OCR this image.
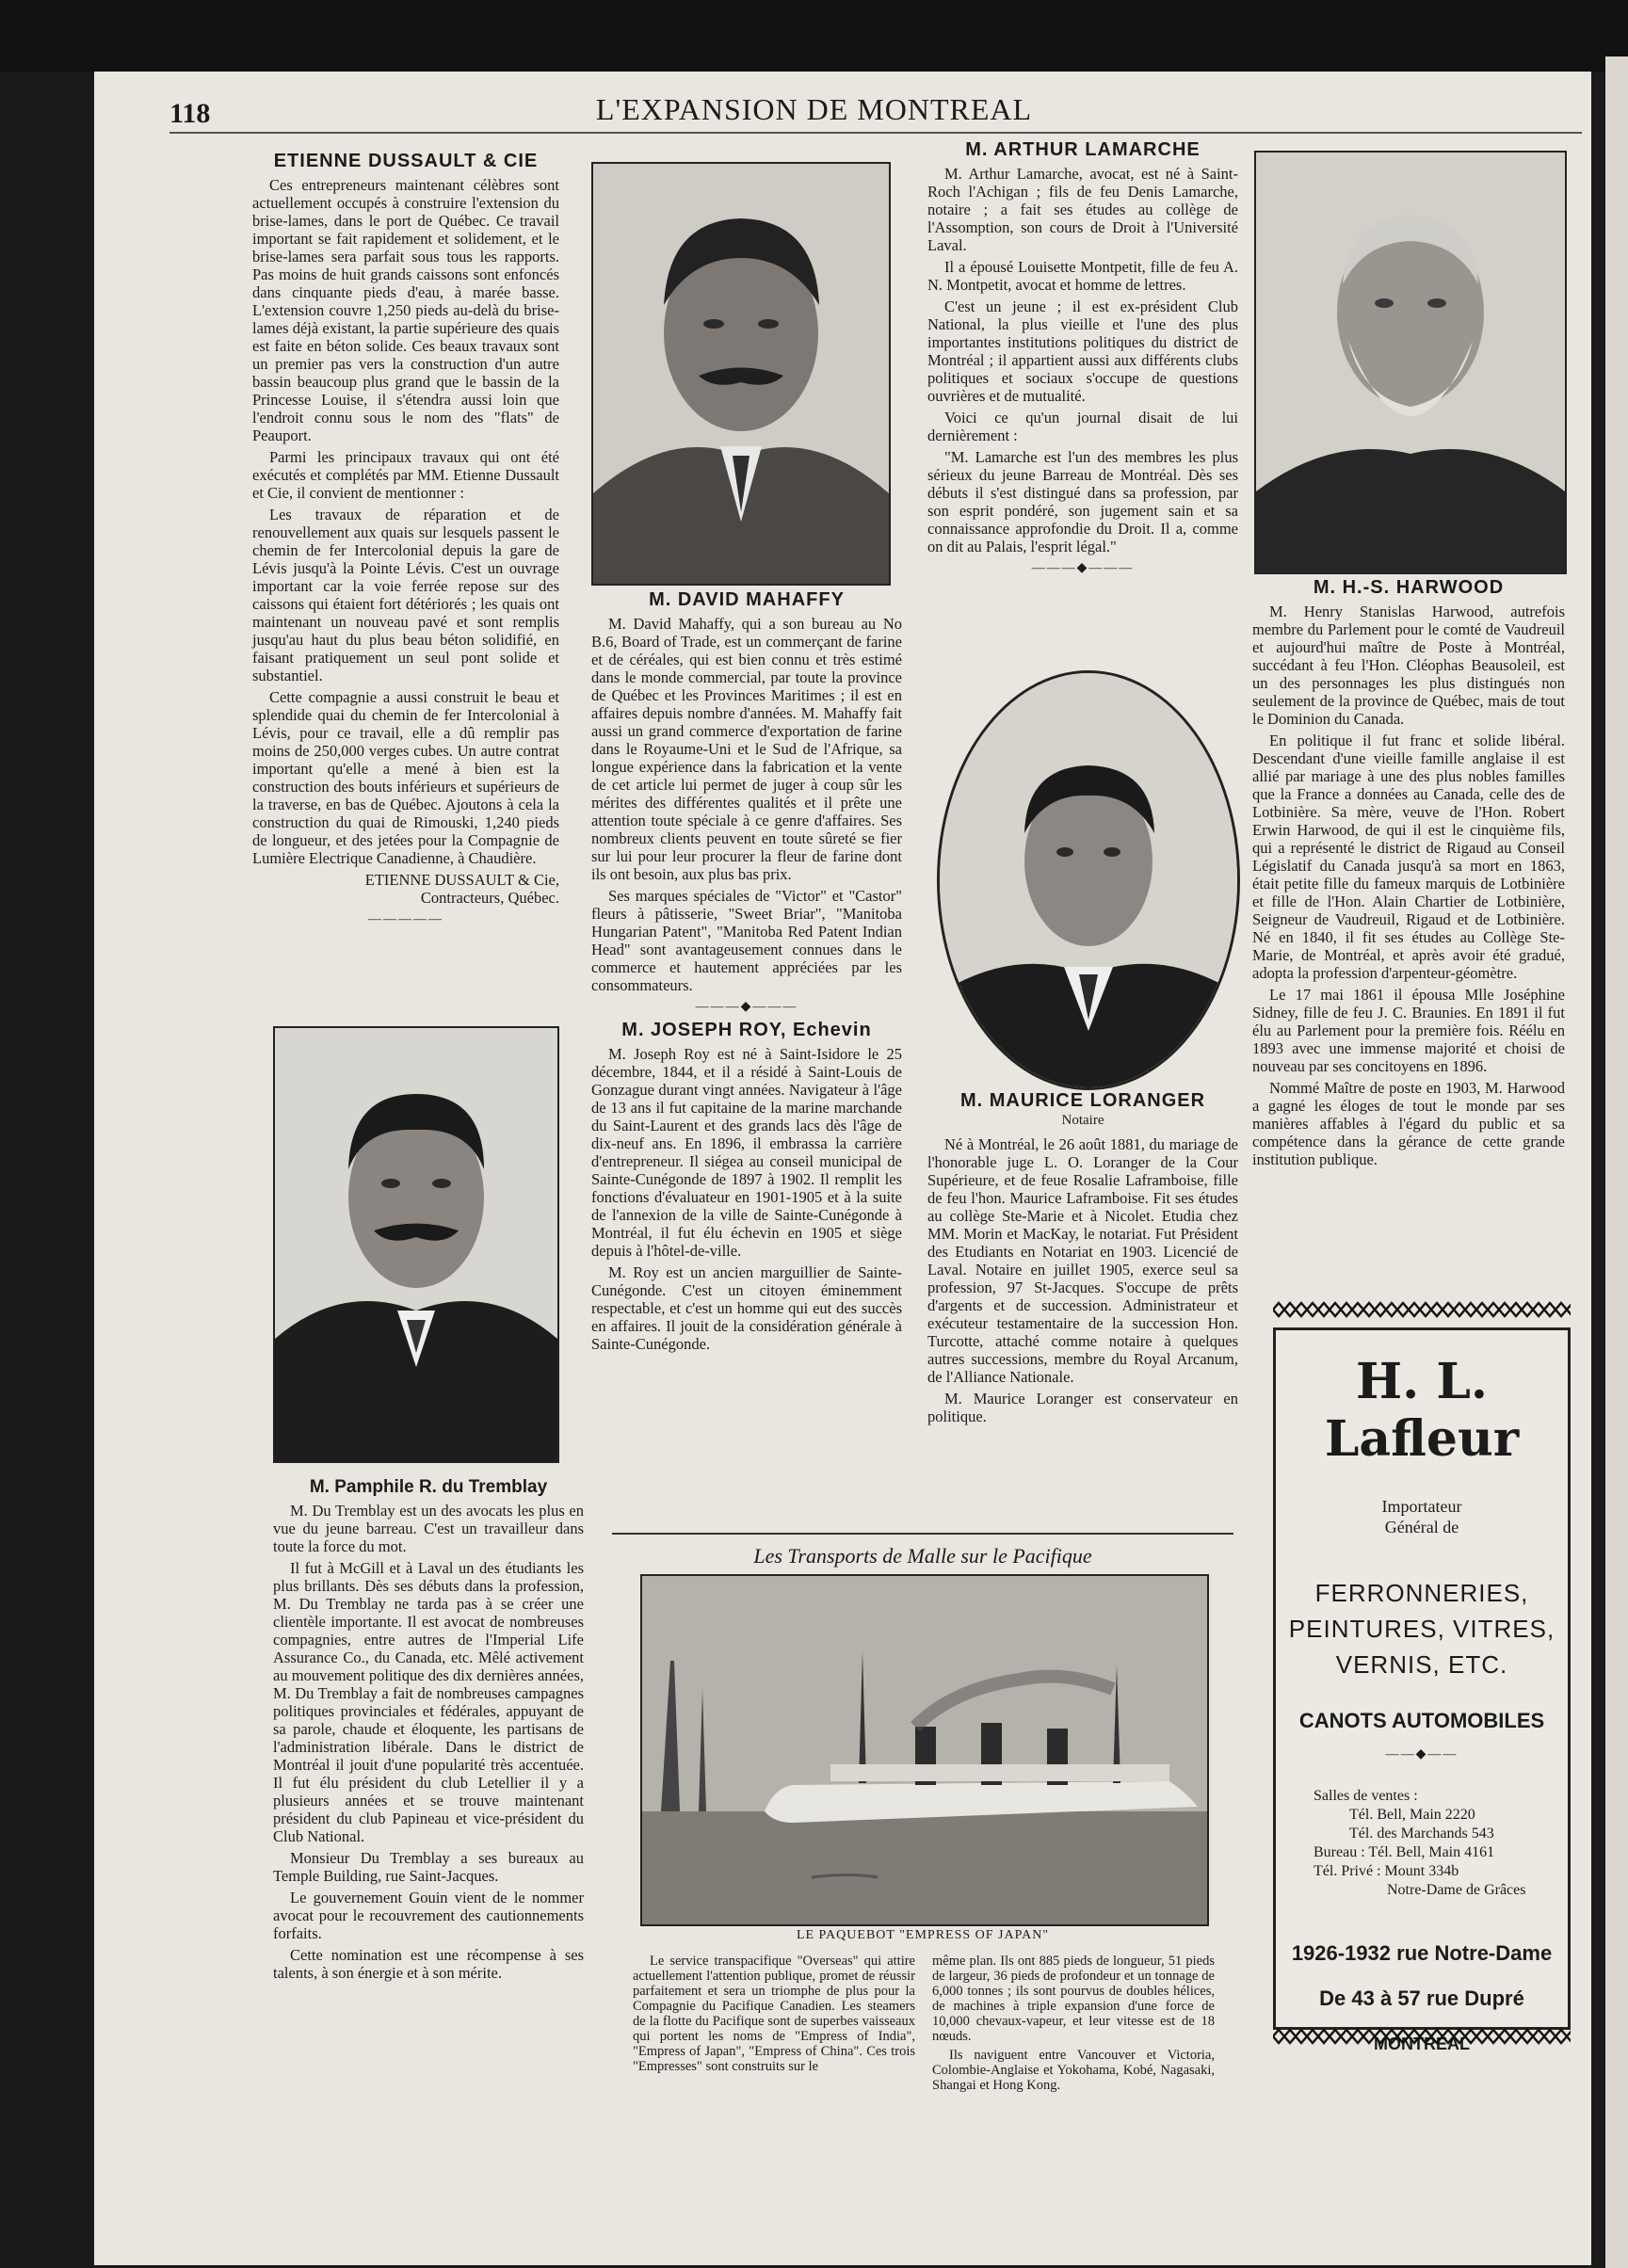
118	L'EXPANSION DE MONTREAL
ETIENNE DUSSAULT & CIE

Ces entrepreneurs maintenant célèbres sont actuellement occupés à construire l'extension du brise-lames, dans le port de Québec. Ce travail important se fait rapidement et solidement, et le brise-lames sera parfait sous tous les rapports. Pas moins de huit grands caissons sont enfoncés dans cinquante pieds d'eau, à marée basse. L'extension couvre 1,250 pieds au-delà du brise-lames déjà existant, la partie supérieure des quais est faite en béton solide. Ces beaux travaux sont un premier pas vers la construction d'un autre bassin beaucoup plus grand que le bassin de la Princesse Louise, il s'étendra aussi loin que l'endroit connu sous le nom des "flats" de Peauport.

Parmi les principaux travaux qui ont été exécutés et complétés par MM. Etienne Dussault et Cie, il convient de mentionner :

Les travaux de réparation et de renouvellement aux quais sur lesquels passent le chemin de fer Intercolonial depuis la gare de Lévis jusqu'à la Pointe Lévis. C'est un ouvrage important car la voie ferrée repose sur des caissons qui étaient fort détériorés ; les quais ont maintenant un nouveau pavé et sont remplis jusqu'au haut du plus beau béton solidifié, en faisant pratiquement un seul pont solide et substantiel.

Cette compagnie a aussi construit le beau et splendide quai du chemin de fer Intercolonial à Lévis, pour ce travail, elle a dû remplir pas moins de 250,000 verges cubes. Un autre contrat important qu'elle a mené à bien est la construction des bouts inférieurs et supérieurs de la traverse, en bas de Québec. Ajoutons à cela la construction du quai de Rimouski, 1,240 pieds de longueur, et des jetées pour la Compagnie de Lumière Electrique Canadienne, à Chaudière.

ETIENNE DUSSAULT & Cie,
Contracteurs, Québec.
—————
M. Pamphile R. du Tremblay

M. Du Tremblay est un des avocats les plus en vue du jeune barreau. C'est un travailleur dans toute la force du mot.

Il fut à McGill et à Laval un des étudiants les plus brillants. Dès ses débuts dans la profession, M. Du Tremblay ne tarda pas à se créer une clientèle importante. Il est avocat de nombreuses compagnies, entre autres de l'Imperial Life Assurance Co., du Canada, etc. Mêlé activement au mouvement politique des dix dernières années, M. Du Tremblay a fait de nombreuses campagnes politiques provinciales et fédérales, appuyant de sa parole, chaude et éloquente, les partisans de l'administration libérale. Dans le district de Montréal il jouit d'une popularité très accentuée. Il fut élu président du club Letellier il y a plusieurs années et se trouve maintenant président du club Papineau et vice-président du Club National.

Monsieur Du Tremblay a ses bureaux au Temple Building, rue Saint-Jacques.

Le gouvernement Gouin vient de le nommer avocat pour le recouvrement des cautionnements forfaits.

Cette nomination est une récompense à ses talents, à son énergie et à son mérite.

M. DAVID MAHAFFY

M. David Mahaffy, qui a son bureau au No B.6, Board of Trade, est un commerçant de farine et de céréales, qui est bien connu et très estimé dans le monde commercial, par toute la province de Québec et les Provinces Maritimes ; il est en affaires depuis nombre d'années. M. Mahaffy fait aussi un grand commerce d'exportation de farine dans le Royaume-Uni et le Sud de l'Afrique, sa longue expérience dans la fabrication et la vente de cet article lui permet de juger à coup sûr les mérites des différentes qualités et il prête une attention toute spéciale à ce genre d'affaires. Ses nombreux clients peuvent en toute sûreté se fier sur lui pour leur procurer la fleur de farine dont ils ont besoin, aux plus bas prix.

Ses marques spéciales de "Victor" et "Castor" fleurs à pâtisserie, "Sweet Briar", "Manitoba Hungarian Patent", "Manitoba Red Patent Indian Head" sont avantageusement connues dans le commerce et hautement appréciées par les consommateurs.

———◆———
M. JOSEPH ROY, Echevin

M. Joseph Roy est né à Saint-Isidore le 25 décembre, 1844, et il a résidé à Saint-Louis de Gonzague durant vingt années. Navigateur à l'âge de 13 ans il fut capitaine de la marine marchande du Saint-Laurent et des grands lacs dès l'âge de dix-neuf ans. En 1896, il embrassa la carrière d'entrepreneur. Il siégea au conseil municipal de Sainte-Cunégonde de 1897 à 1902. Il remplit les fonctions d'évaluateur en 1901-1905 et à la suite de l'annexion de la ville de Sainte-Cunégonde à Montréal, il fut élu échevin en 1905 et siège depuis à l'hôtel-de-ville.

M. Roy est un ancien marguillier de Sainte-Cunégonde. C'est un citoyen éminemment respectable, et c'est un homme qui eut des succès en affaires. Il jouit de la considération générale à Sainte-Cunégonde.

M. ARTHUR LAMARCHE

M. Arthur Lamarche, avocat, est né à Saint-Roch l'Achigan ; fils de feu Denis Lamarche, notaire ; a fait ses études au collège de l'Assomption, son cours de Droit à l'Université Laval.

Il a épousé Louisette Montpetit, fille de feu A. N. Montpetit, avocat et homme de lettres.

C'est un jeune ; il est ex-président Club National, la plus vieille et l'une des plus importantes institutions politiques du district de Montréal ; il appartient aussi aux différents clubs politiques et sociaux s'occupe de questions ouvrières et de mutualité.

Voici ce qu'un journal disait de lui dernièrement :

"M. Lamarche est l'un des membres les plus sérieux du jeune Barreau de Montréal. Dès ses débuts il s'est distingué dans sa profession, par son esprit pondéré, son jugement sain et sa connaissance approfondie du Droit. Il a, comme on dit au Palais, l'esprit légal."

———◆———
M. MAURICE LORANGER
Notaire

Né à Montréal, le 26 août 1881, du mariage de l'honorable juge L. O. Loranger de la Cour Supérieure, et de feue Rosalie Laframboise, fille de feu l'hon. Maurice Laframboise. Fit ses études au collège Ste-Marie et à Nicolet. Etudia chez MM. Morin et MacKay, le notariat. Fut Président des Etudiants en Notariat en 1903. Licencié de Laval. Notaire en juillet 1905, exerce seul sa profession, 97 St-Jacques. S'occupe de prêts d'argents et de succession. Administrateur et exécuteur testamentaire de la succession Hon. Turcotte, attaché comme notaire à quelques autres successions, membre du Royal Arcanum, de l'Alliance Nationale.

M. Maurice Loranger est conservateur en politique.

M. H.-S. HARWOOD

M. Henry Stanislas Harwood, autrefois membre du Parlement pour le comté de Vaudreuil et aujourd'hui maître de Poste à Montréal, succédant à feu l'Hon. Cléophas Beausoleil, est un des personnages les plus distingués non seulement de la province de Québec, mais de tout le Dominion du Canada.

En politique il fut franc et solide libéral. Descendant d'une vieille famille anglaise il est allié par mariage à une des plus nobles familles que la France a données au Canada, celle des de Lotbinière. Sa mère, veuve de l'Hon. Robert Erwin Harwood, de qui il est le cinquième fils, qui a représenté le district de Rigaud au Conseil Législatif du Canada jusqu'à sa mort en 1863, était petite fille du fameux marquis de Lotbinière et fille de l'Hon. Alain Chartier de Lotbinière, Seigneur de Vaudreuil, Rigaud et de Lotbinière. Né en 1840, il fit ses études au Collège Ste-Marie, de Montréal, et après avoir été gradué, adopta la profession d'arpenteur-géomètre.

Le 17 mai 1861 il épousa Mlle Joséphine Sidney, fille de feu J. C. Braunies. En 1891 il fut élu au Parlement pour la première fois. Réélu en 1893 avec une immense majorité et choisi de nouveau par ses concitoyens en 1896.

Nommé Maître de poste en 1903, M. Harwood a gagné les éloges de tout le monde par ses manières affables à l'égard du public et sa compétence dans la gérance de cette grande institution publique.

Les Transports de Malle sur le Pacifique
LE PAQUEBOT "EMPRESS OF JAPAN"

Le service transpacifique "Overseas" qui attire actuellement l'attention publique, promet de réussir parfaitement et sera un triomphe de plus pour la Compagnie du Pacifique Canadien. Les steamers de la flotte du Pacifique sont de superbes vaisseaux qui portent les noms de "Empress of India", "Empress of Japan", "Empress of China". Ces trois "Empresses" sont construits sur le

même plan. Ils ont 885 pieds de longueur, 51 pieds de largeur, 36 pieds de profondeur et un tonnage de 6,000 tonnes ; ils sont pourvus de doubles hélices, de machines à triple expansion d'une force de 10,000 chevaux-vapeur, et leur vitesse est de 18 nœuds.

Ils naviguent entre Vancouver et Victoria, Colombie-Anglaise et Yokohama, Kobé, Nagasaki, Shangai et Hong Kong.

H. L. Lafleur
Importateur
Général de
FERRONNERIES,
PEINTURES, VITRES,
VERNIS, ETC.
CANOTS AUTOMOBILES
——◆——
Salles de ventes :
Tél. Bell, Main 2220
Tél. des Marchands 543
Bureau : Tél. Bell, Main 4161
Tél. Privé : Mount 334b
Notre-Dame de Grâces
1926-1932 rue Notre-Dame
De 43 à 57 rue Dupré
